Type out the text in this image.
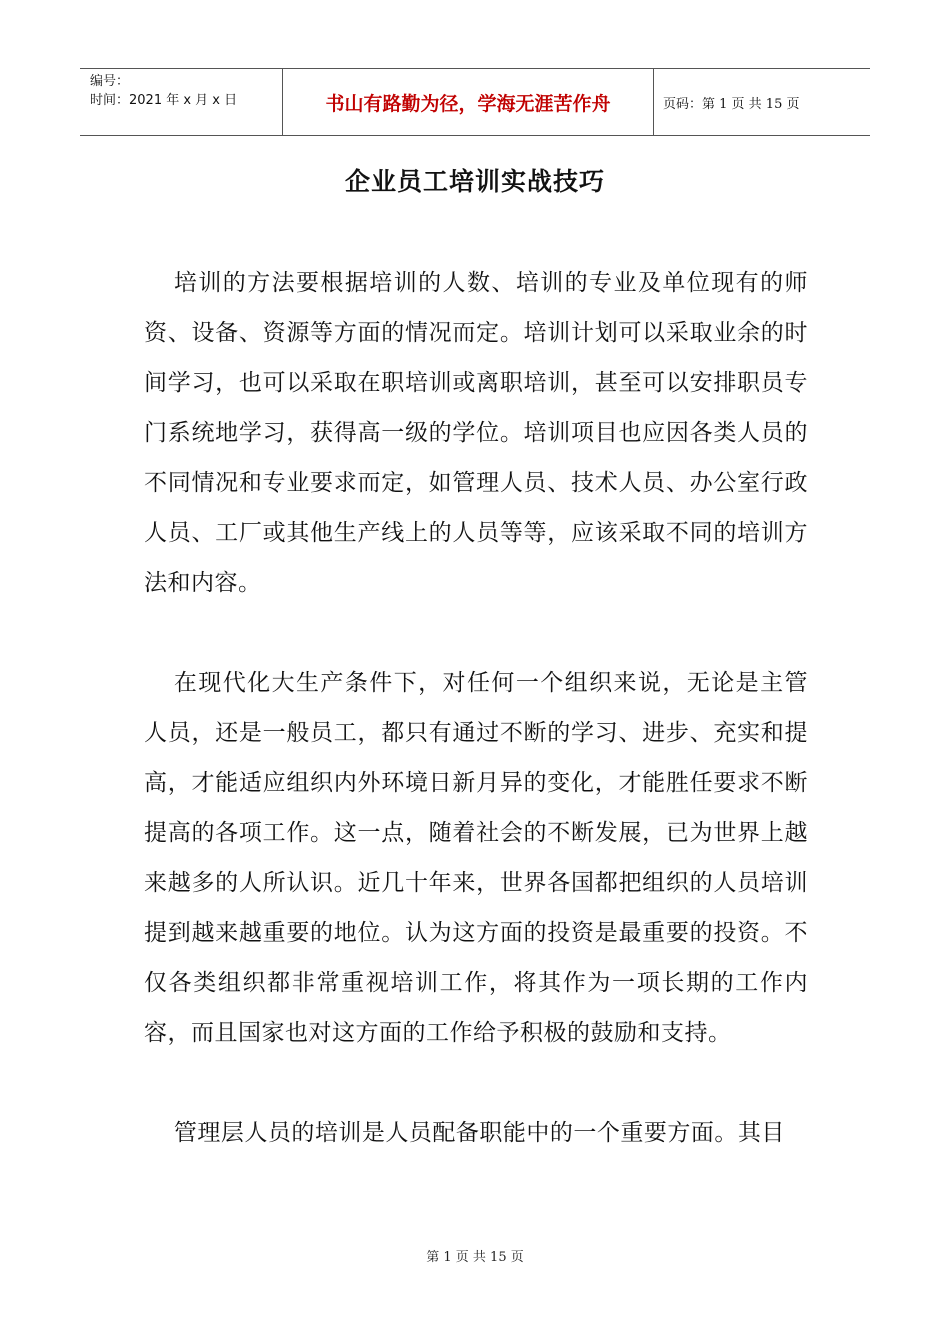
编号：
时间：2021 年 x 月 x 日	书山有路勤为径，学海无涯苦作舟	页码：第 1 页 共 15 页
企业员工培训实战技巧

培训的方法要根据培训的人数、培训的专业及单位现有的师资、设备、资源等方面的情况而定。培训计划可以采取业余的时间学习，也可以采取在职培训或离职培训，甚至可以安排职员专门系统地学习，获得高一级的学位。培训项目也应因各类人员的不同情况和专业要求而定，如管理人员、技术人员、办公室行政人员、工厂或其他生产线上的人员等等，应该采取不同的培训方法和内容。

在现代化大生产条件下，对任何一个组织来说，无论是主管人员，还是一般员工，都只有通过不断的学习、进步、充实和提高，才能适应组织内外环境日新月异的变化，才能胜任要求不断提高的各项工作。这一点，随着社会的不断发展，已为世界上越来越多的人所认识。近几十年来，世界各国都把组织的人员培训提到越来越重要的地位。认为这方面的投资是最重要的投资。不仅各类组织都非常重视培训工作，将其作为一项长期的工作内容，而且国家也对这方面的工作给予积极的鼓励和支持。

管理层人员的培训是人员配备职能中的一个重要方面。其目

第 1 页 共 15 页
